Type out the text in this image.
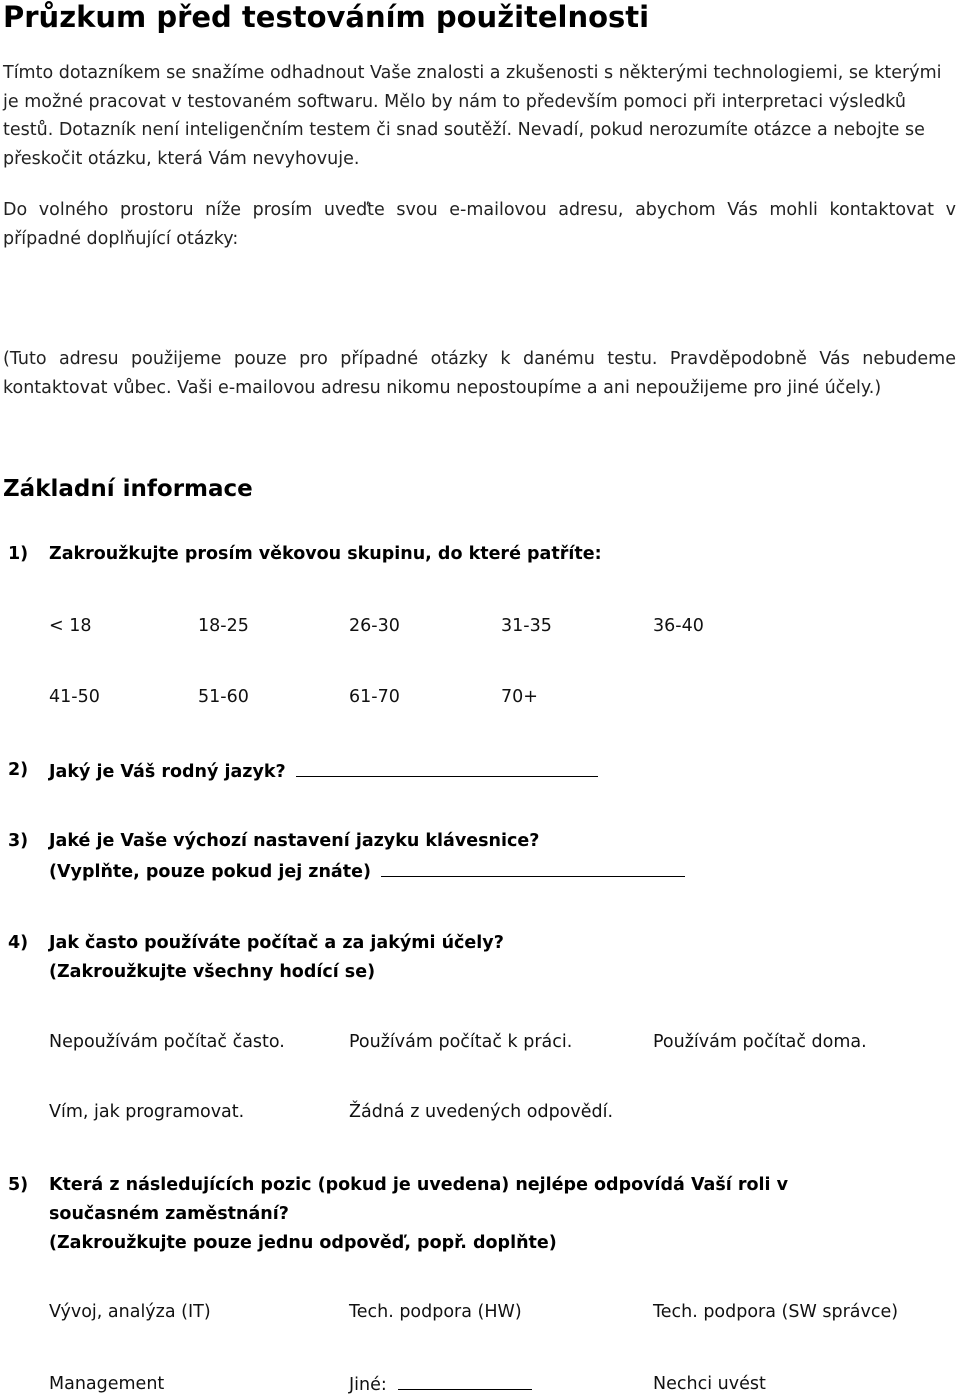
Průzkum před testováním použitelnosti

Tímto dotazníkem se snažíme odhadnout Vaše znalosti a zkušenosti s některými technologiemi, se kterými je možné pracovat v testovaném softwaru. Mělo by nám to především pomoci při interpretaci výsledků testů. Dotazník není inteligenčním testem či snad soutěží. Nevadí, pokud nerozumíte otázce a nebojte se přeskočit otázku, která Vám nevyhovuje.

Do volného prostoru níže prosím uveďte svou e-mailovou adresu, abychom Vás mohli kontaktovat v případné doplňující otázky:

(Tuto adresu použijeme pouze pro případné otázky k danému testu. Pravděpodobně Vás nebudeme kontaktovat vůbec. Vaši e-mailovou adresu nikomu nepostoupíme a ani nepoužijeme pro jiné účely.)

Základní informace
1) Zakroužkujte prosím věkovou skupinu, do které patříte:
< 18	18-25	26-30	31-35	36-40
41-50	51-60	61-70	70+
2) Jaký je Váš rodný jazyk?
3) Jaké je Vaše výchozí nastavení jazyku klávesnice?
(Vyplňte, pouze pokud jej znáte)
4) Jak často používáte počítač a za jakými účely?
(Zakroužkujte všechny hodící se)
Nepoužívám počítač často.	Používám počítač k práci.	Používám počítač doma.
Vím, jak programovat.	Žádná z uvedených odpovědí.
5) Která z následujících pozic (pokud je uvedena) nejlépe odpovídá Vaší roli v
současném zaměstnání?
(Zakroužkujte pouze jednu odpověď, popř. doplňte)
Vývoj, analýza (IT)	Tech. podpora (HW)	Tech. podpora (SW správce)
Management	Jiné:	Nechci uvést
